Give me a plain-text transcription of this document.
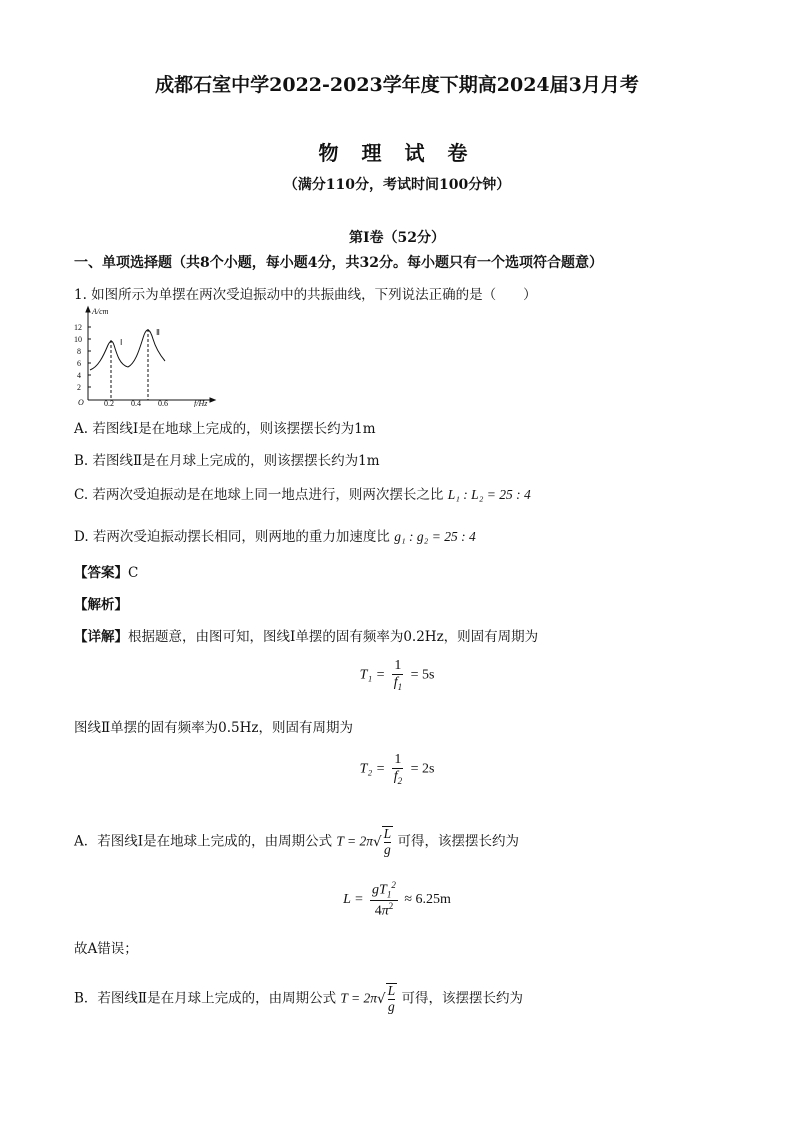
成都石室中学2022-2023学年度下期高2024届3月月考
物 理 试 卷
（满分110分，考试时间100分钟）
第Ⅰ卷（52分）
一、单项选择题（共8个小题，每小题4分，共32分。每小题只有一个选项符合题意）
1. 如图所示为单摆在两次受迫振动中的共振曲线，下列说法正确的是（　　）
A/cm
12
10
8
6
4
2
O	0.2 0.4 0.6	f/Hz
Ⅰ
Ⅱ
A. 若图线Ⅰ是在地球上完成的，则该摆摆长约为1m
B. 若图线Ⅱ是在月球上完成的，则该摆摆长约为1m
C. 若两次受迫振动是在地球上同一地点进行，则两次摆长之比 L₁ : L₂ = 25 : 4
D. 若两次受迫振动摆长相同，则两地的重力加速度比 g₁ : g₂ = 25 : 4
【答案】C
【解析】
【详解】根据题意，由图可知，图线Ⅰ单摆的固有频率为0.2Hz，则固有周期为
$T_1 = \frac{1}{f_1} = 5s$
图线Ⅱ单摆的固有频率为0.5Hz，则固有周期为
$T_2 = \frac{1}{f_2} = 2s$
A．若图线Ⅰ是在地球上完成的，由周期公式 T = 2π√
L
g 可得，该摆摆长约为
$L = \frac{gT_1^2}{4\pi^2} \approx 6.25m$
故A错误；
B．若图线Ⅱ是在月球上完成的，由周期公式 T = 2π√
L
g 可得，该摆摆长约为
